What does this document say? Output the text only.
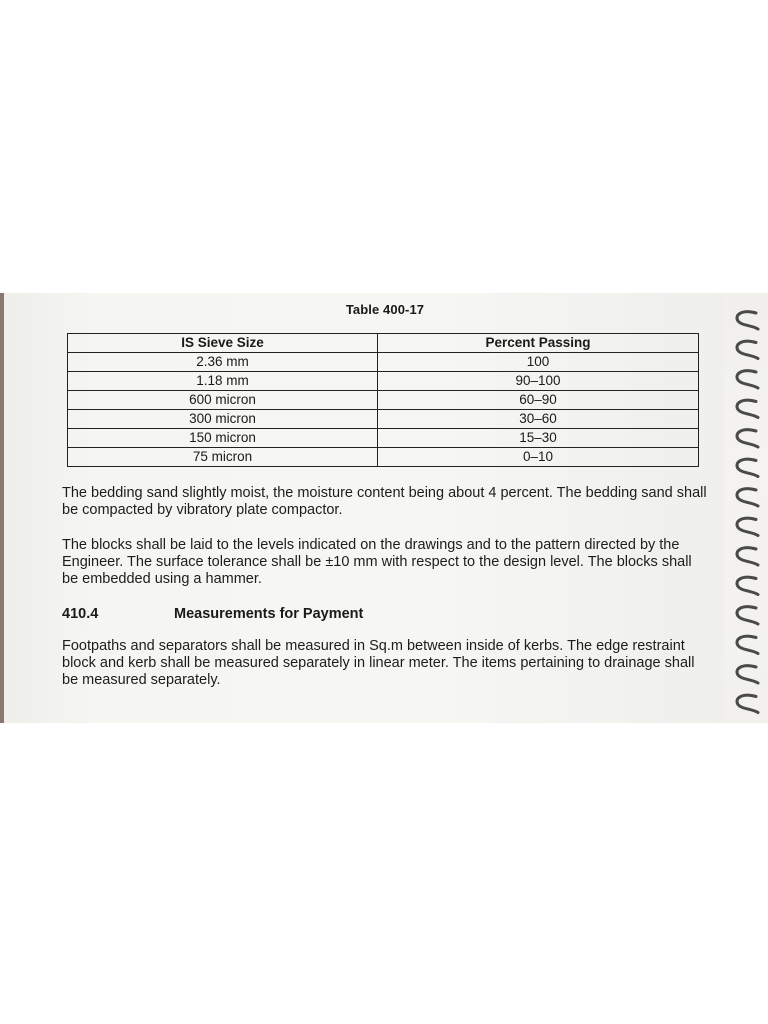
Table 400-17
IS Sieve Size	Percent Passing
2.36 mm	100
1.18 mm	90–100
600 micron	60–90
300 micron	30–60
150 micron	15–30
75 micron	0–10

The bedding sand slightly moist, the moisture content being about 4 percent. The bedding sand shall be compacted by vibratory plate compactor.

The blocks shall be laid to the levels indicated on the drawings and to the pattern directed by the Engineer. The surface tolerance shall be ±10 mm with respect to the design level. The blocks shall be embedded using a hammer.

410.4	Measurements for Payment

Footpaths and separators shall be measured in Sq.m between inside of kerbs. The edge restraint block and kerb shall be measured separately in linear meter. The items pertaining to drainage shall be measured separately.
